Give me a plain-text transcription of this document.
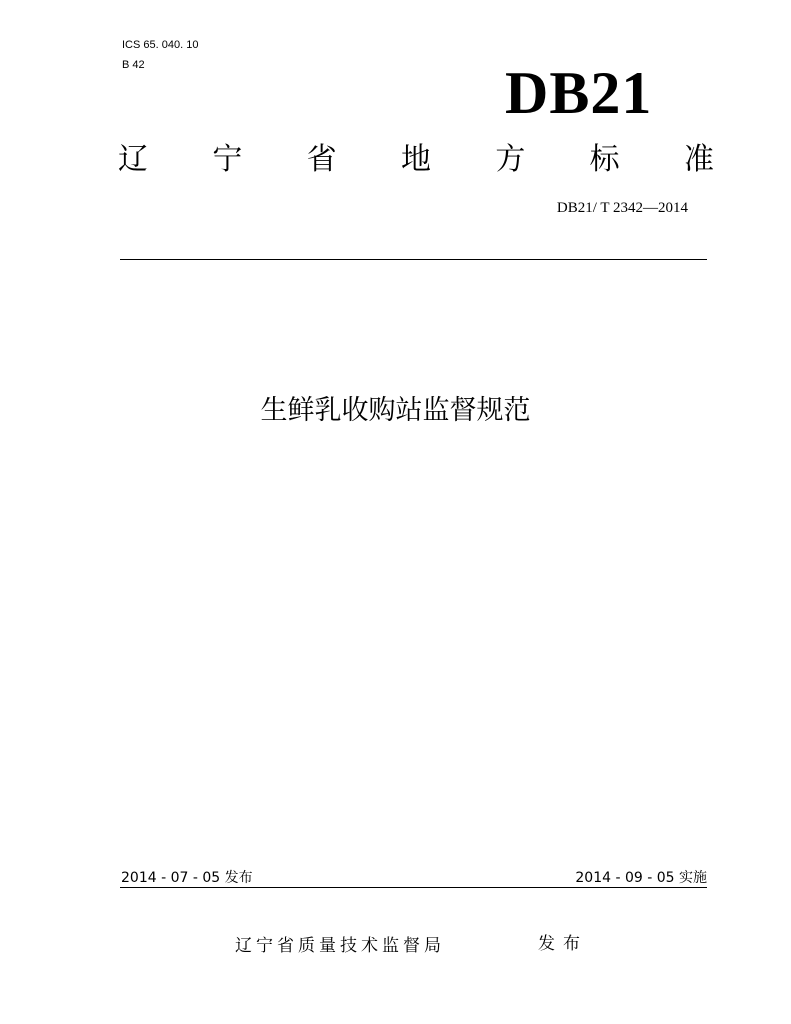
ICS 65. 040. 10
B 42	DB21
辽 宁 省 地 方 标 准
DB21/ T 2342—2014
生鲜乳收购站监督规范
2014 - 07 - 05 发布	2014 - 09 - 05 实施
辽宁省质量技术监督局	发布
